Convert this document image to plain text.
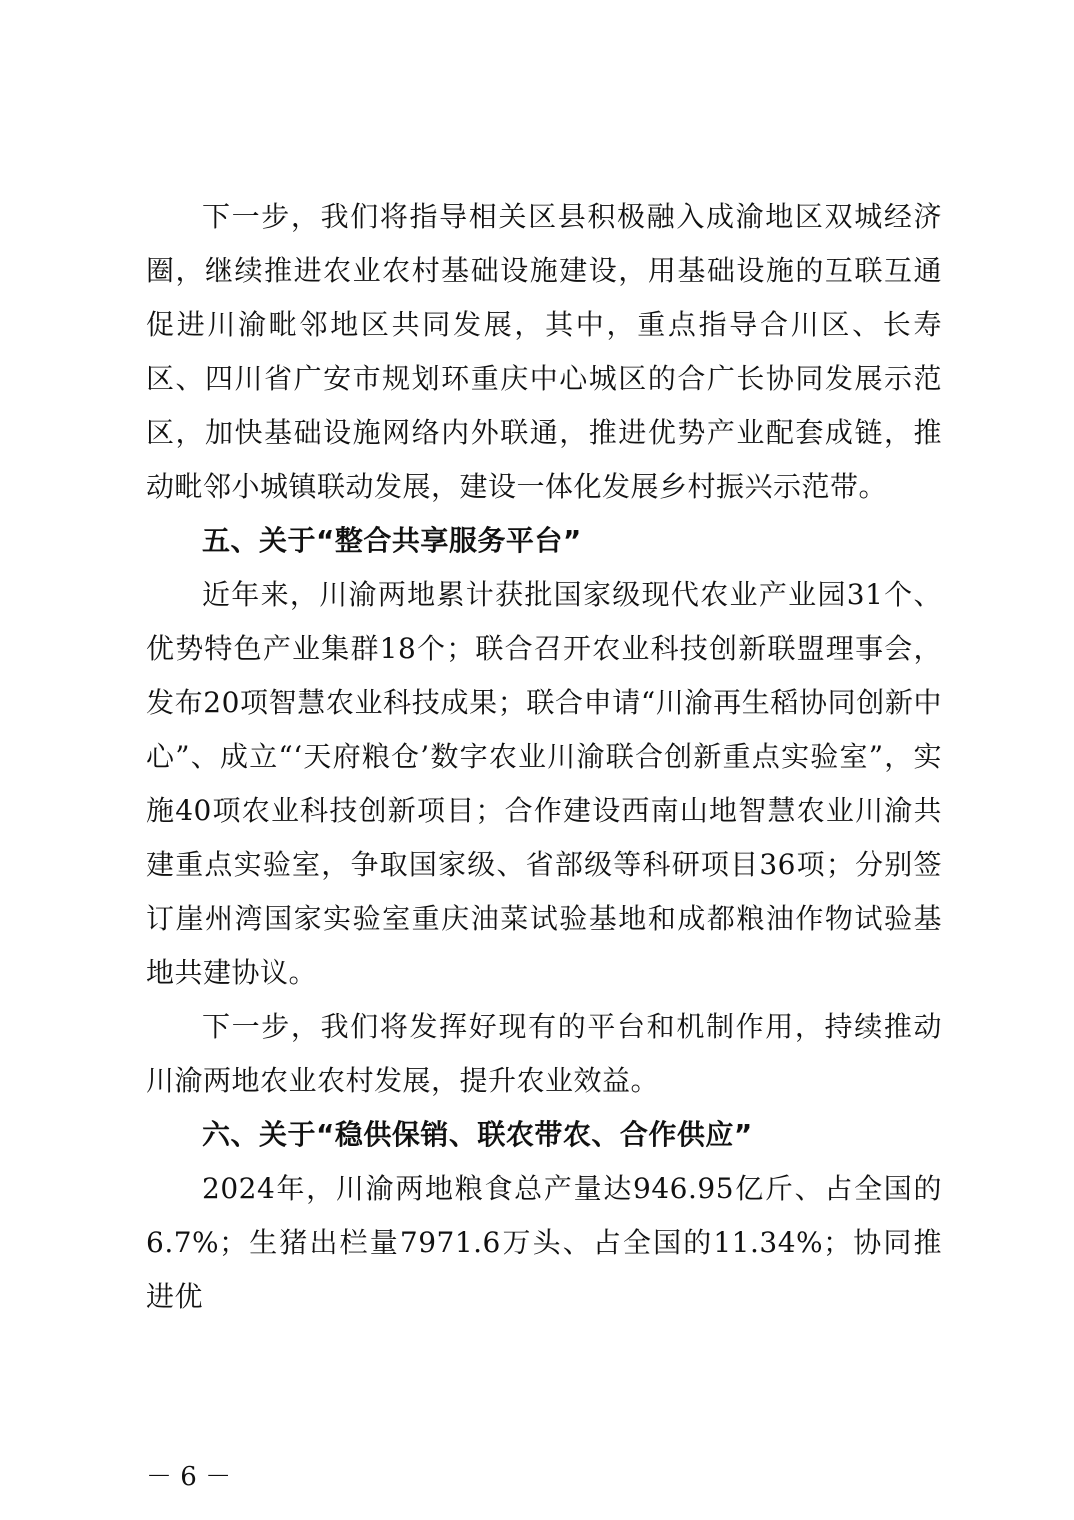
下一步，我们将指导相关区县积极融入成渝地区双城经济圈，继续推进农业农村基础设施建设，用基础设施的互联互通促进川渝毗邻地区共同发展，其中，重点指导合川区、长寿区、四川省广安市规划环重庆中心城区的合广长协同发展示范区，加快基础设施网络内外联通，推进优势产业配套成链，推动毗邻小城镇联动发展，建设一体化发展乡村振兴示范带。

五、关于“整合共享服务平台”

近年来，川渝两地累计获批国家级现代农业产业园31个、优势特色产业集群18个；联合召开农业科技创新联盟理事会，发布20项智慧农业科技成果；联合申请“川渝再生稻协同创新中心”、成立“‘天府粮仓’数字农业川渝联合创新重点实验室”，实施40项农业科技创新项目；合作建设西南山地智慧农业川渝共建重点实验室，争取国家级、省部级等科研项目36项；分别签订崖州湾国家实验室重庆油菜试验基地和成都粮油作物试验基地共建协议。

下一步，我们将发挥好现有的平台和机制作用，持续推动川渝两地农业农村发展，提升农业效益。

六、关于“稳供保销、联农带农、合作供应”

2024年，川渝两地粮食总产量达946.95亿斤、占全国的6.7%；生猪出栏量7971.6万头、占全国的11.34%；协同推进优

－ 6 －
